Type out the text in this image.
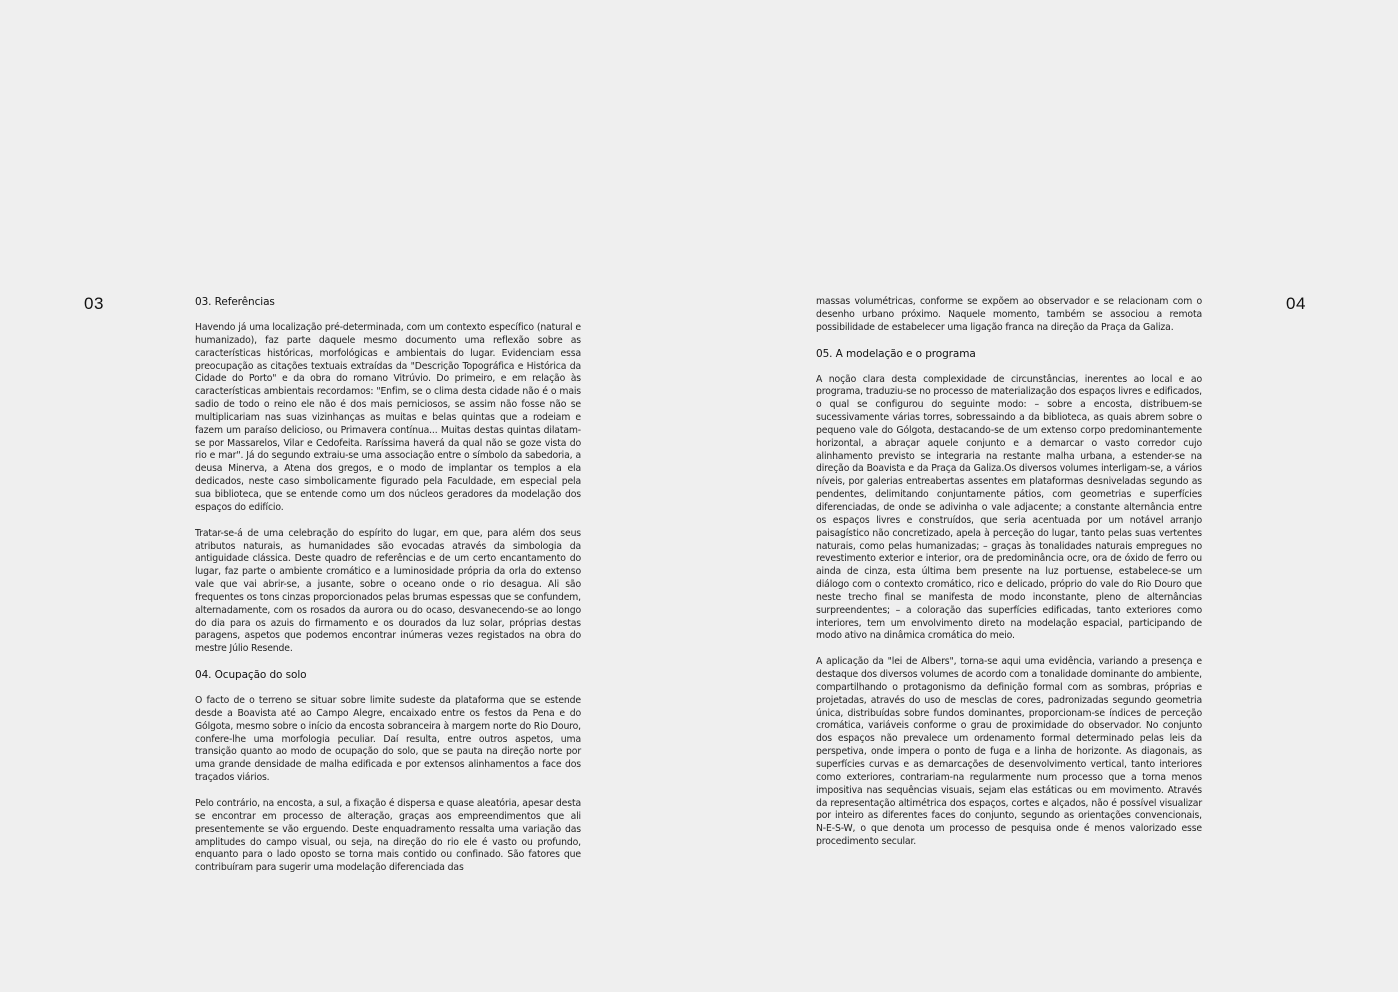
03	04
03. Referências

Havendo já uma localização pré-determinada, com um contexto específico (natural e humanizado), faz parte daquele mesmo documento uma reflexão sobre as características históricas, morfológicas e ambientais do lugar. Evidenciam essa preocupação as citações textuais extraídas da "Descrição Topográfica e Histórica da Cidade do Porto" e da obra do romano Vitrúvio. Do primeiro, e em relação às características ambientais recordamos: "Enfim, se o clima desta cidade não é o mais sadio de todo o reino ele não é dos mais perniciosos, se assim não fosse não se multiplicariam nas suas vizinhanças as muitas e belas quintas que a rodeiam e fazem um paraíso delicioso, ou Primavera contínua... Muitas destas quintas dilatam-se por Massarelos, Vilar e Cedofeita. Raríssima haverá da qual não se goze vista do rio e mar". Já do segundo extraiu-se uma associação entre o símbolo da sabedoria, a deusa Minerva, a Atena dos gregos, e o modo de implantar os templos a ela dedicados, neste caso simbolicamente figurado pela Faculdade, em especial pela sua biblioteca, que se entende como um dos núcleos geradores da modelação dos espaços do edifício.

Tratar-se-á de uma celebração do espírito do lugar, em que, para além dos seus atributos naturais, as humanidades são evocadas através da simbologia da antiguidade clássica. Deste quadro de referências e de um certo encantamento do lugar, faz parte o ambiente cromático e a luminosidade própria da orla do extenso vale que vai abrir-se, a jusante, sobre o oceano onde o rio desagua. Ali são frequentes os tons cinzas proporcionados pelas brumas espessas que se confundem, alternadamente, com os rosados da aurora ou do ocaso, desvanecendo-se ao longo do dia para os azuis do firmamento e os dourados da luz solar, próprias destas paragens, aspetos que podemos encontrar inúmeras vezes registados na obra do mestre Júlio Resende.

04. Ocupação do solo

O facto de o terreno se situar sobre limite sudeste da plataforma que se estende desde a Boavista até ao Campo Alegre, encaixado entre os festos da Pena e do Gólgota, mesmo sobre o início da encosta sobranceira à margem norte do Rio Douro, confere-lhe uma morfologia peculiar. Daí resulta, entre outros aspetos, uma transição quanto ao modo de ocupação do solo, que se pauta na direção norte por uma grande densidade de malha edificada e por extensos alinhamentos a face dos traçados viários.

Pelo contrário, na encosta, a sul, a fixação é dispersa e quase aleatória, apesar desta se encontrar em processo de alteração, graças aos empreendimentos que ali presentemente se vão erguendo. Deste enquadramento ressalta uma variação das amplitudes do campo visual, ou seja, na direção do rio ele é vasto ou profundo, enquanto para o lado oposto se torna mais contido ou confinado. São fatores que contribuíram para sugerir uma modelação diferenciada das

massas volumétricas, conforme se expõem ao observador e se relacionam com o desenho urbano próximo. Naquele momento, também se associou a remota possibilidade de estabelecer uma ligação franca na direção da Praça da Galiza.

05. A modelação e o programa

A noção clara desta complexidade de circunstâncias, inerentes ao local e ao programa, traduziu-se no processo de materialização dos espaços livres e edificados, o qual se configurou do seguinte modo: – sobre a encosta, distribuem-se sucessivamente várias torres, sobressaindo a da biblioteca, as quais abrem sobre o pequeno vale do Gólgota, destacando-se de um extenso corpo predominantemente horizontal, a abraçar aquele conjunto e a demarcar o vasto corredor cujo alinhamento previsto se integraria na restante malha urbana, a estender-se na direção da Boavista e da Praça da Galiza.Os diversos volumes interligam-se, a vários níveis, por galerias entreabertas assentes em plataformas desniveladas segundo as pendentes, delimitando conjuntamente pátios, com geometrias e superfícies diferenciadas, de onde se adivinha o vale adjacente; a constante alternância entre os espaços livres e construídos, que seria acentuada por um notável arranjo paisagístico não concretizado, apela à perceção do lugar, tanto pelas suas vertentes naturais, como pelas humanizadas; – graças às tonalidades naturais empregues no revestimento exterior e interior, ora de predominância ocre, ora de óxido de ferro ou ainda de cinza, esta última bem presente na luz portuense, estabelece-se um diálogo com o contexto cromático, rico e delicado, próprio do vale do Rio Douro que neste trecho final se manifesta de modo inconstante, pleno de alternâncias surpreendentes; – a coloração das superfícies edificadas, tanto exteriores como interiores, tem um envolvimento direto na modelação espacial, participando de modo ativo na dinâmica cromática do meio.

A aplicação da "lei de Albers", torna-se aqui uma evidência, variando a presença e destaque dos diversos volumes de acordo com a tonalidade dominante do ambiente, compartilhando o protagonismo da definição formal com as sombras, próprias e projetadas, através do uso de mesclas de cores, padronizadas segundo geometria única, distribuídas sobre fundos dominantes, proporcionam-se índices de perceção cromática, variáveis conforme o grau de proximidade do observador. No conjunto dos espaços não prevalece um ordenamento formal determinado pelas leis da perspetiva, onde impera o ponto de fuga e a linha de horizonte. As diagonais, as superfícies curvas e as demarcações de desenvolvimento vertical, tanto interiores como exteriores, contrariam-na regularmente num processo que a torna menos impositiva nas sequências visuais, sejam elas estáticas ou em movimento. Através da representação altimétrica dos espaços, cortes e alçados, não é possível visualizar por inteiro as diferentes faces do conjunto, segundo as orientações convencionais, N-E-S-W, o que denota um processo de pesquisa onde é menos valorizado esse procedimento secular.
